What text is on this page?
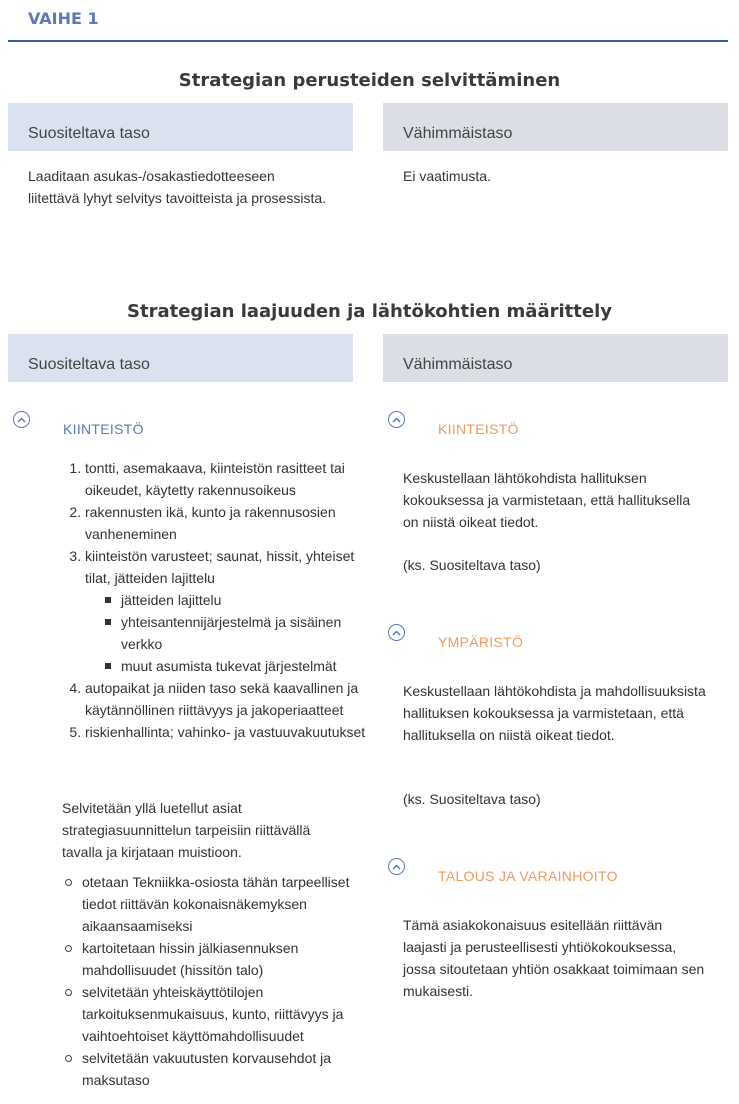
VAIHE 1
Strategian perusteiden selvittäminen
Suositeltava taso	Vähimmäistaso
Laaditaan asukas-/osakastiedotteeseen liitettävä lyhyt selvitys tavoitteista ja prosessista.
Ei vaatimusta.
Strategian laajuuden ja lähtökohtien määrittely
Suositeltava taso	Vähimmäistaso
KIINTEISTÖ
1. tontti, asemakaava, kiinteistön rasitteet tai oikeudet, käytetty rakennusoikeus
2. rakennusten ikä, kunto ja rakennusosien vanheneminen
3. kiinteistön varusteet; saunat, hissit, yhteiset tilat, jätteiden lajittelu
jätteiden lajittelu
yhteisantennijärjestelmä ja sisäinen verkko
muut asumista tukevat järjestelmät
4. autopaikat ja niiden taso sekä kaavallinen ja käytännöllinen riittävyys ja jakoperiaatteet
5. riskienhallinta; vahinko- ja vastuuvakuutukset
Selvitetään yllä luetellut asiat strategiasuunnittelun tarpeisiin riittävällä tavalla ja kirjataan muistioon.
otetaan Tekniikka-osiosta tähän tarpeelliset tiedot riittävän kokonaisnäkemyksen aikaansaamiseksi
kartoitetaan hissin jälkiasennuksen mahdollisuudet (hissitön talo)
selvitetään yhteiskäyttötilojen tarkoituksenmukaisuus, kunto, riittävyys ja vaihtoehtoiset käyttömahdollisuudet
selvitetään vakuutusten korvausehdot ja maksutaso
KIINTEISTÖ
Keskustellaan lähtökohdista hallituksen kokouksessa ja varmistetaan, että hallituksella on niistä oikeat tiedot.
(ks. Suositeltava taso)
YMPÄRISTÖ
Keskustellaan lähtökohdista ja mahdollisuuksista hallituksen kokouksessa ja varmistetaan, että hallituksella on niistä oikeat tiedot.
(ks. Suositeltava taso)
TALOUS JA VARAINHOITO
Tämä asiakokonaisuus esitellään riittävän laajasti ja perusteellisesti yhtiökokouksessa, jossa sitoutetaan yhtiön osakkaat toimimaan sen mukaisesti.
